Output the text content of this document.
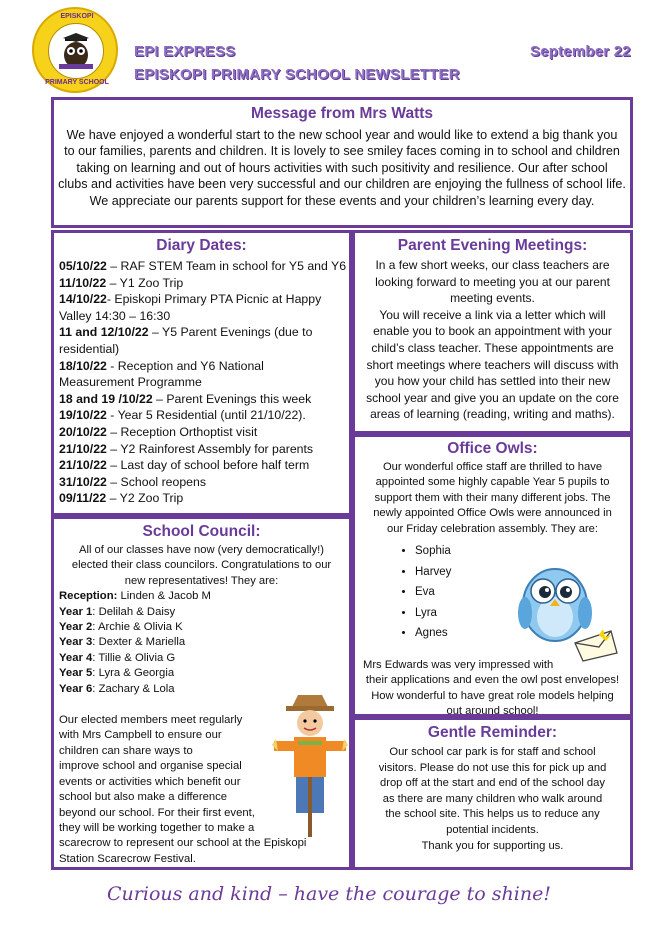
EPISKOPI
PRIMARY SCHOOL
EPI EXPRESS
EPISKOPI PRIMARY SCHOOL NEWSLETTER
September 22
Message from Mrs Watts

We have enjoyed a wonderful start to the new school year and would like to extend a big thank you

to our families, parents and children. It is lovely to see smiley faces coming in to school and children

taking on learning and out of hours activities with such positivity and resilience. Our after school

clubs and activities have been very successful and our children are enjoying the fullness of school life.

We appreciate our parents support for these events and your children’s learning every day.

Diary Dates:
05/10/22 – RAF STEM Team in school for Y5 and Y6
11/10/22 – Y1 Zoo Trip
14/10/22- Episkopi Primary PTA Picnic at Happy
Valley 14:30 – 16:30
11 and 12/10/22 – Y5 Parent Evenings (due to
residential)
18/10/22 - Reception and Y6 National
Measurement Programme
18 and 19 /10/22 – Parent Evenings this week
19/10/22 - Year 5 Residential (until 21/10/22).
20/10/22 – Reception Orthoptist visit
21/10/22 – Y2 Rainforest Assembly for parents
21/10/22 – Last day of school before half term
31/10/22 – School reopens
09/11/22 – Y2 Zoo Trip
Parent Evening Meetings:

In a few short weeks, our class teachers are

looking forward to meeting you at our parent

meeting events.

You will receive a link via a letter which will

enable you to book an appointment with your

child’s class teacher. These appointments are

short meetings where teachers will discuss with

you how your child has settled into their new

school year and give you an update on the core

areas of learning (reading, writing and maths).

Office Owls:

Our wonderful office staff are thrilled to have

appointed some highly capable Year 5 pupils to

support them with their many different jobs. The

newly appointed Office Owls were announced in

our Friday celebration assembly. They are:

• Sophia
• Harvey
• Eva
• Lyra
• Agnes

Mrs Edwards was very impressed with

their applications and even the owl post envelopes!

How wonderful to have great role models helping

out around school!

School Council:

All of our classes have now (very democratically!)

elected their class councilors. Congratulations to our

new representatives! They are:

Reception: Linden & Jacob M
Year 1: Delilah & Daisy
Year 2: Archie & Olivia K
Year 3: Dexter & Mariella
Year 4: Tillie & Olivia G
Year 5: Lyra & Georgia
Year 6: Zachary & Lola
Our elected members meet regularly
with Mrs Campbell to ensure our
children can share ways to
improve school and organise special
events or activities which benefit our
school but also make a difference
beyond our school. For their first event,
they will be working together to make a
scarecrow to represent our school at the Episkopi
Station Scarecrow Festival.
Gentle Reminder:

Our school car park is for staff and school

visitors. Please do not use this for pick up and

drop off at the start and end of the school day

as there are many children who walk around

the school site. This helps us to reduce any

potential incidents.

Thank you for supporting us.

Curious and kind – have the courage to shine!
